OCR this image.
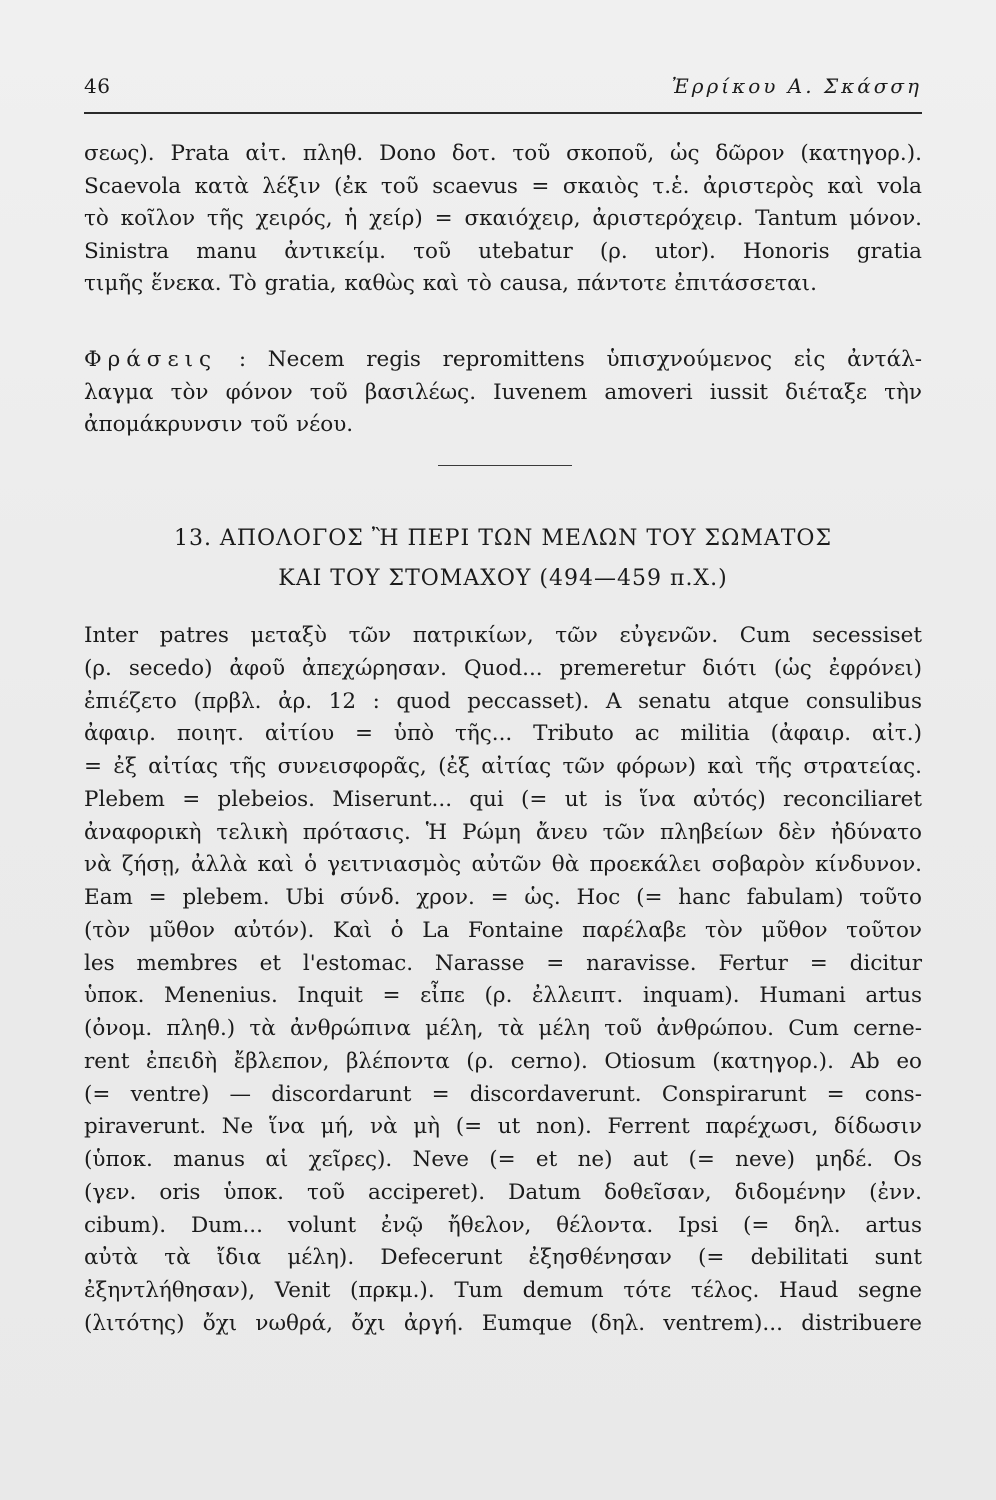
46	Ἐρρίκου Α. Σκάσση
σεως). Prata αἰτ. πληθ. Dono δοτ. τοῦ σκοποῦ, ὡς δῶρον (κατηγορ.).
Scaevola κατὰ λέξιν (ἐκ τοῦ scaevus = σκαιὸς τ.ἑ. ἀριστερὸς καὶ vola
τὸ κοῖλον τῆς χειρός, ἡ χείρ) = σκαιόχειρ, ἀριστερόχειρ. Tantum μόνον.
Sinistra manu ἀντικείμ. τοῦ utebatur (ρ. utor). Honoris gratia
τιμῆς ἕνεκα. Τὸ gratia, καθὼς καὶ τὸ causa, πάντοτε ἐπιτάσσεται.
Φράσεις : Necem regis repromittens ὑπισχνούμενος εἰς ἀντάλ-
λαγμα τὸν φόνον τοῦ βασιλέως. Iuvenem amoveri iussit διέταξε τὴν
ἀπομάκρυνσιν τοῦ νέου.
13. ΑΠΟΛΟΓΟΣ Ἢ ΠΕΡΙ ΤΩΝ ΜΕΛΩΝ ΤΟΥ ΣΩΜΑΤΟΣ
ΚΑΙ ΤΟΥ ΣΤΟΜΑΧΟΥ (494—459 π.Χ.)
Inter patres μεταξὺ τῶν πατρικίων, τῶν εὐγενῶν. Cum secessiset
(ρ. secedo) ἀφοῦ ἀπεχώρησαν. Quod... premeretur διότι (ὡς ἐφρόνει)
ἐπιέζετο (πρβλ. ἀρ. 12 : quod peccasset). A senatu atque consulibus
ἀφαιρ. ποιητ. αἰτίου = ὑπὸ τῆς... Tributo ac militia (ἀφαιρ. αἰτ.)
= ἐξ αἰτίας τῆς συνεισφορᾶς, (ἐξ αἰτίας τῶν φόρων) καὶ τῆς στρατείας.
Plebem = plebeios. Miserunt... qui (= ut is ἵνα αὐτός) reconciliaret
ἀναφορικὴ τελικὴ πρότασις. Ἡ Ρώμη ἄνευ τῶν πληβείων δὲν ἠδύνατο
νὰ ζήσῃ, ἀλλὰ καὶ ὁ γειτνιασμὸς αὐτῶν θὰ προεκάλει σοβαρὸν κίνδυνον.
Eam = plebem. Ubi σύνδ. χρον. = ὡς. Hoc (= hanc fabulam) τοῦτο
(τὸν μῦθον αὐτόν). Καὶ ὁ La Fontaine παρέλαβε τὸν μῦθον τοῦτον
les membres et l'estomac. Narasse = naravisse. Fertur = dicitur
ὑποκ. Menenius. Inquit = εἶπε (ρ. ἐλλειπτ. inquam). Humani artus
(ὀνομ. πληθ.) τὰ ἀνθρώπινα μέλη, τὰ μέλη τοῦ ἀνθρώπου. Cum cerne-
rent ἐπειδὴ ἔβλεπον, βλέποντα (ρ. cerno). Otiosum (κατηγορ.). Ab eo
(= ventre) — discordarunt = discordaverunt. Conspirarunt = cons-
piraverunt. Ne ἵνα μή, νὰ μὴ (= ut non). Ferrent παρέχωσι, δίδωσιν
(ὑποκ. manus αἱ χεῖρες). Neve (= et ne) aut (= neve) μηδέ. Os
(γεν. oris ὑποκ. τοῦ acciperet). Datum δοθεῖσαν, διδομένην (ἐνν.
cibum). Dum... volunt ἐνῷ ἤθελον, θέλοντα. Ipsi (= δηλ. artus
αὐτὰ τὰ ἴδια μέλη). Defecerunt ἐξησθένησαν (= debilitati sunt
ἐξηντλήθησαν), Venit (πρκμ.). Tum demum τότε τέλος. Haud segne
(λιτότης) ὄχι νωθρά, ὄχι ἀργή. Eumque (δηλ. ventrem)... distribuere
